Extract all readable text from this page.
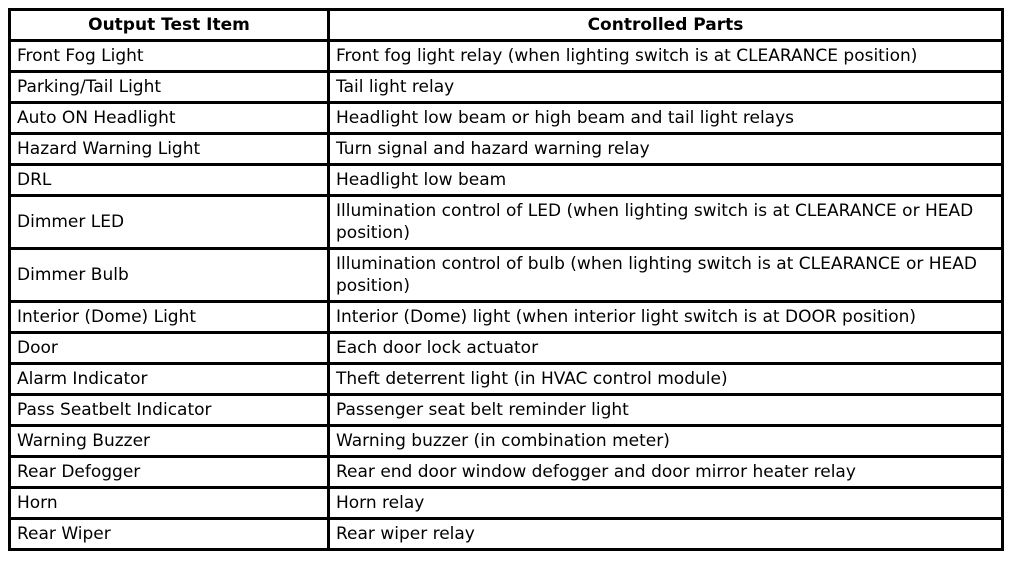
Output Test Item	Controlled Parts
Front Fog Light	Front fog light relay (when lighting switch is at CLEARANCE position)
Parking/Tail Light	Tail light relay
Auto ON Headlight	Headlight low beam or high beam and tail light relays
Hazard Warning Light	Turn signal and hazard warning relay
DRL	Headlight low beam
Dimmer LED	Illumination control of LED (when lighting switch is at CLEARANCE or HEAD position)
Dimmer Bulb	Illumination control of bulb (when lighting switch is at CLEARANCE or HEAD position)
Interior (Dome) Light	Interior (Dome) light (when interior light switch is at DOOR position)
Door	Each door lock actuator
Alarm Indicator	Theft deterrent light (in HVAC control module)
Pass Seatbelt Indicator	Passenger seat belt reminder light
Warning Buzzer	Warning buzzer (in combination meter)
Rear Defogger	Rear end door window defogger and door mirror heater relay
Horn	Horn relay
Rear Wiper	Rear wiper relay
